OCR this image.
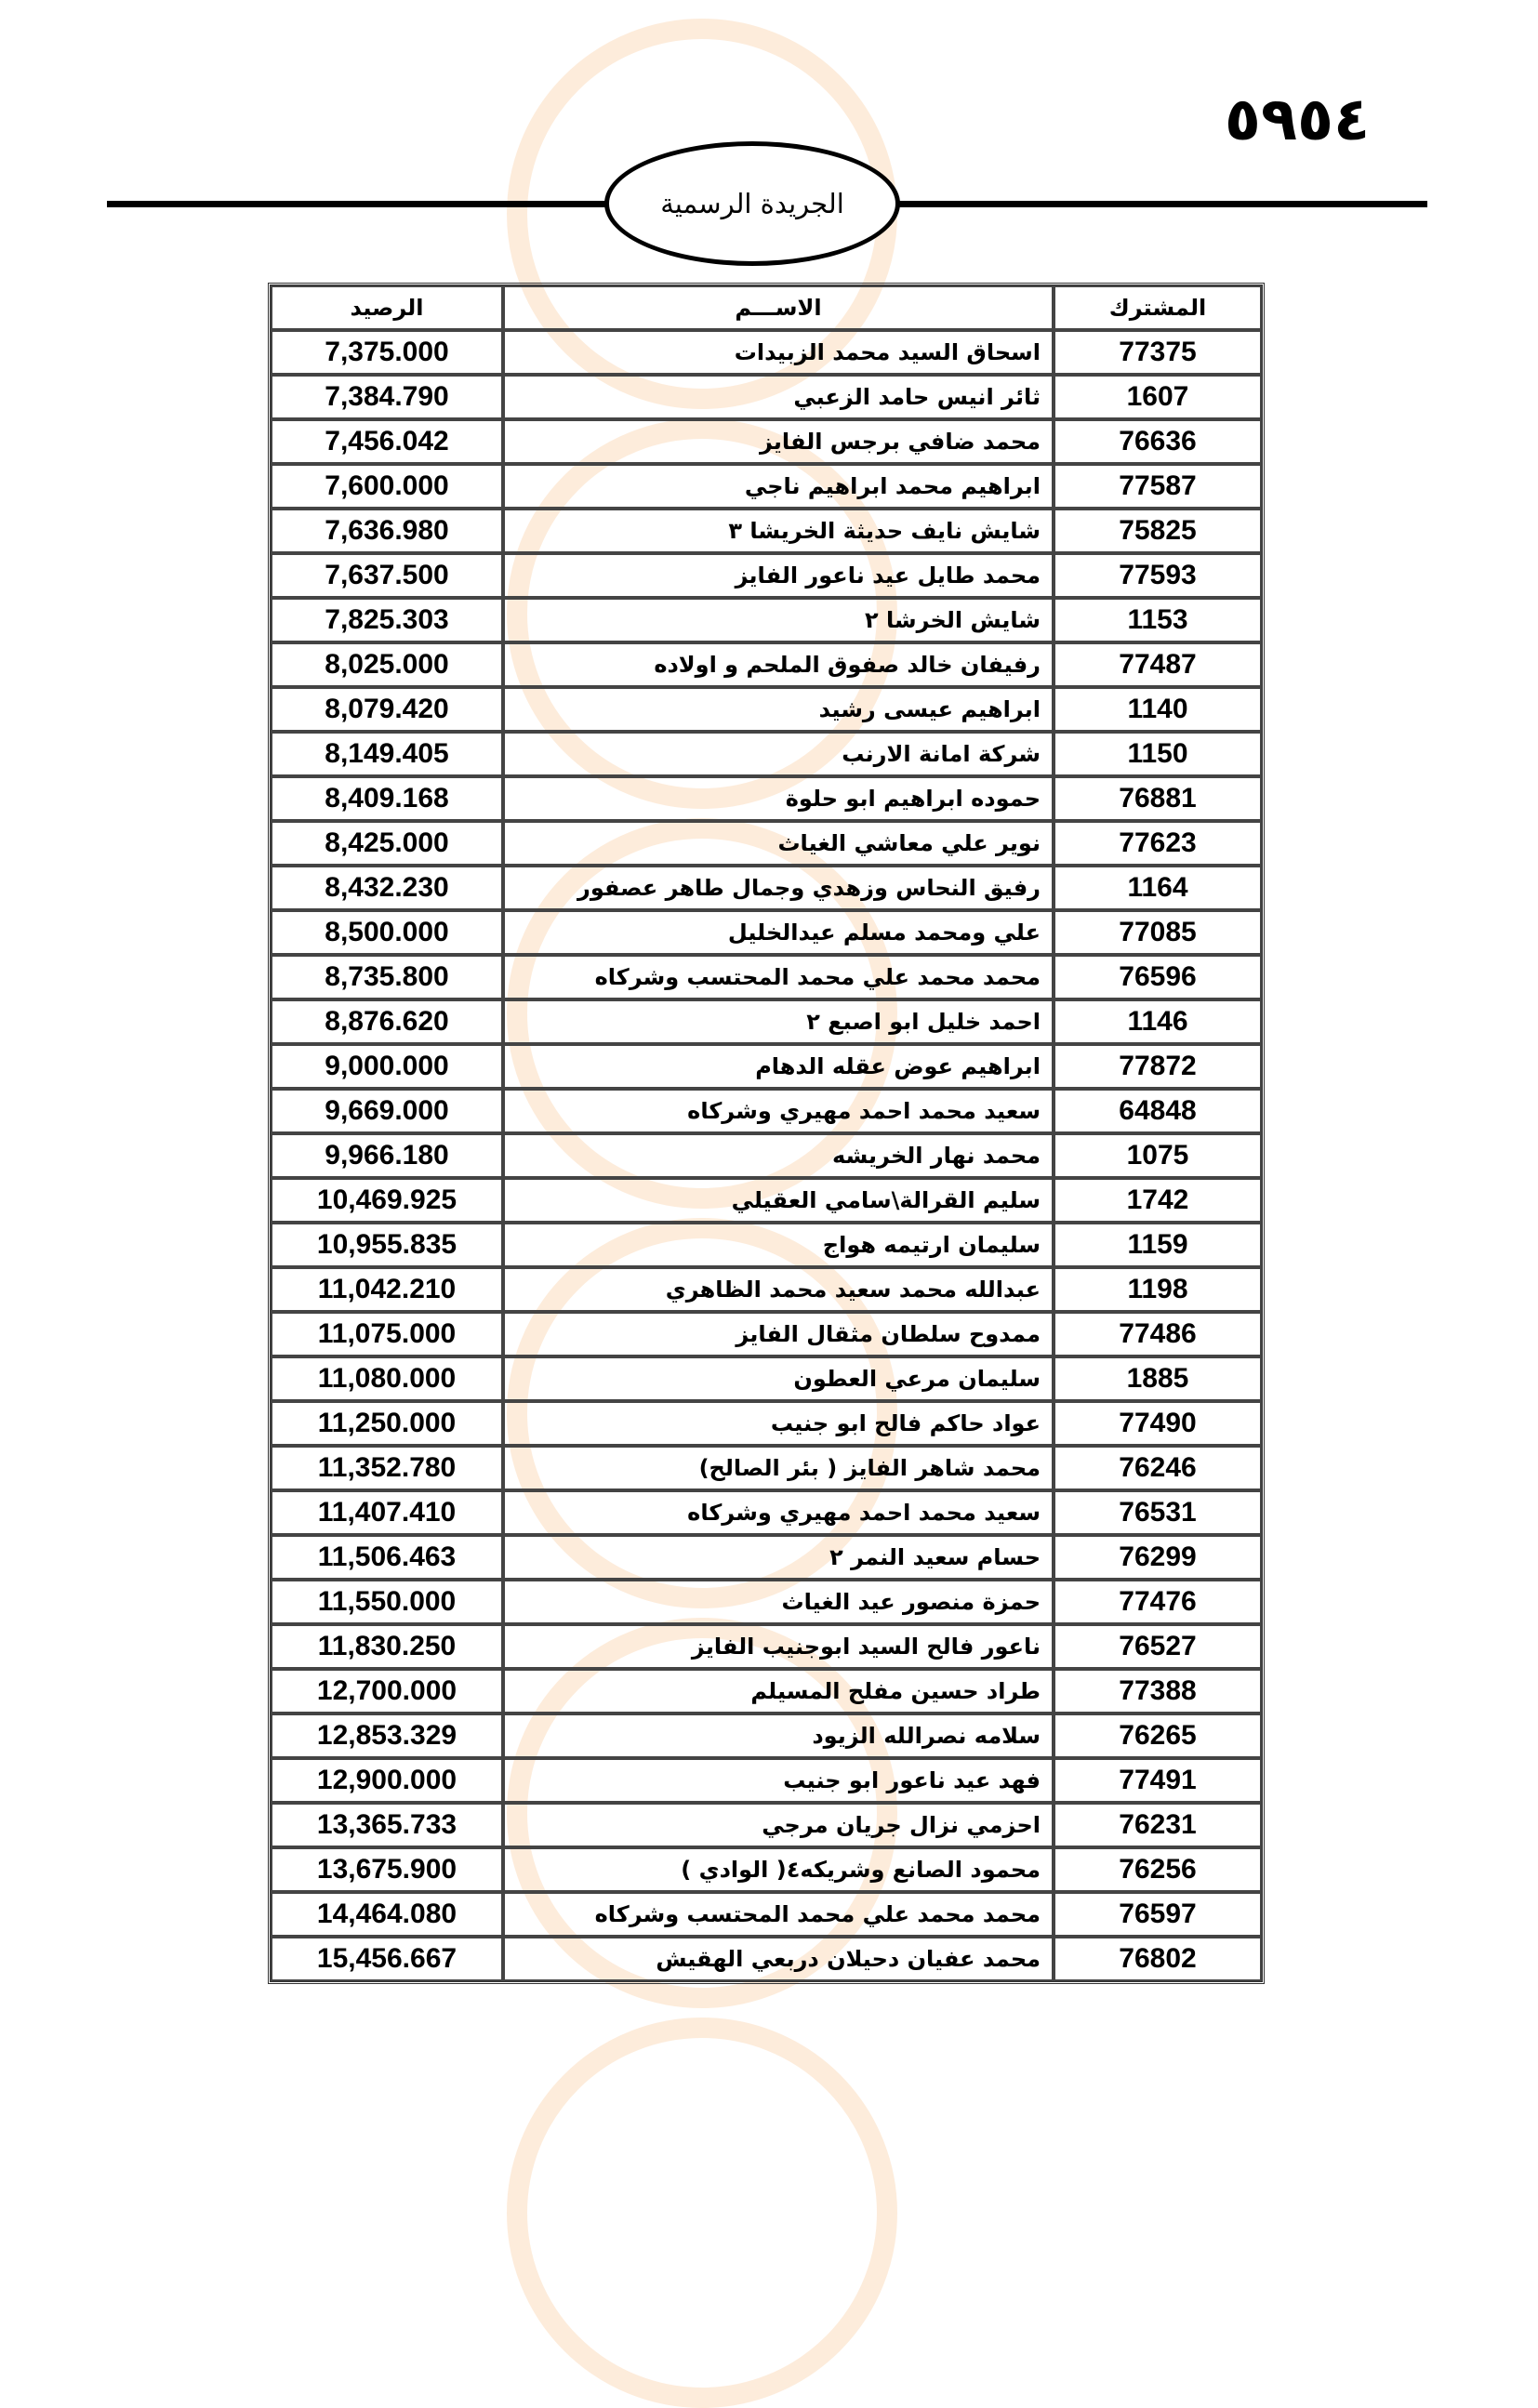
٥٩٥٤
الجريدة الرسمية
المشترك	الاســـم	الرصيد
77375	اسحاق السيد محمد الزبيدات	7,375.000
1607	ثائر انيس حامد الزعبي	7,384.790
76636	محمد ضافي برجس الفايز	7,456.042
77587	ابراهيم محمد ابراهيم ناجي	7,600.000
75825	شايش نايف حديثة الخريشا ٣	7,636.980
77593	محمد طايل عيد ناعور الفايز	7,637.500
1153	شايش الخرشا ٢	7,825.303
77487	رفيفان خالد صفوق الملحم و اولاده	8,025.000
1140	ابراهيم عيسى رشيد	8,079.420
1150	شركة امانة الارنب	8,149.405
76881	حموده ابراهيم ابو حلوة	8,409.168
77623	نوير علي معاشي الغياث	8,425.000
1164	رفيق النحاس وزهدي وجمال طاهر عصفور	8,432.230
77085	علي ومحمد مسلم عيدالخليل	8,500.000
76596	محمد محمد علي محمد المحتسب وشركاه	8,735.800
1146	احمد خليل ابو اصبع ٢	8,876.620
77872	ابراهيم عوض عقله الدهام	9,000.000
64848	سعيد محمد احمد مهيري وشركاه	9,669.000
1075	محمد نهار الخريشه	9,966.180
1742	سليم القرالة\سامي العقيلي	10,469.925
1159	سليمان ارتيمه هواج	10,955.835
1198	عبدالله محمد سعيد محمد الظاهري	11,042.210
77486	ممدوح سلطان مثقال الفايز	11,075.000
1885	سليمان مرعي العطون	11,080.000
77490	عواد حاكم فالح ابو جنيب	11,250.000
76246	محمد شاهر الفايز ( بئر الصالح)	11,352.780
76531	سعيد محمد احمد مهيري وشركاه	11,407.410
76299	حسام سعيد النمر ٢	11,506.463
77476	حمزة منصور عيد الغياث	11,550.000
76527	ناعور فالح السيد ابوجنيب الفايز	11,830.250
77388	طراد حسين مفلح المسيلم	12,700.000
76265	سلامه نصرالله الزيود	12,853.329
77491	فهد عيد ناعور ابو جنيب	12,900.000
76231	احزمي نزال جريان مرجي	13,365.733
76256	محمود الصانع وشريكه٤( الوادي )	13,675.900
76597	محمد محمد علي محمد المحتسب وشركاه	14,464.080
76802	محمد عفيان دحيلان دربعي الهقيش	15,456.667
